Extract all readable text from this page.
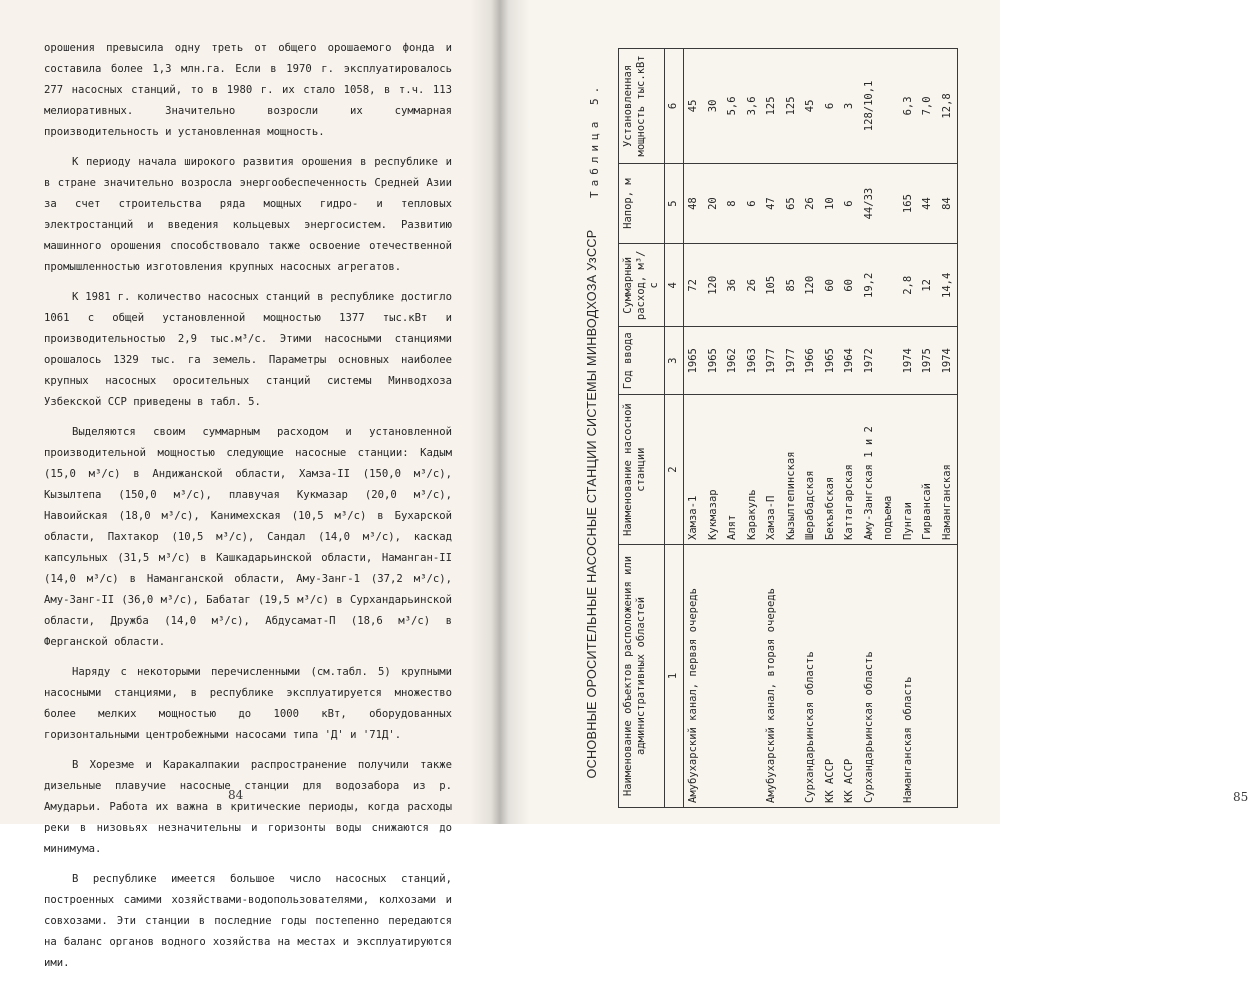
орошения превысила одну треть от общего орошаемого фонда и составила более 1,3 млн.га. Если в 1970 г. эксплуатировалось 277 насосных станций, то в 1980 г. их стало 1058, в т.ч. 113 мелиоративных. Значительно возросли их суммарная производительность и установленная мощность.

К периоду начала широкого развития орошения в республике и в стране значительно возросла энергообеспеченность Средней Азии за счет строительства ряда мощных гидро- и тепловых электростанций и введения кольцевых энергосистем. Развитию машинного орошения способствовало также освоение отечественной промышленностью изготовления крупных насосных агрегатов.

К 1981 г. количество насосных станций в республике достигло 1061 с общей установленной мощностью 1377 тыс.кВт и производительностью 2,9 тыс.м³/с. Этими насосными станциями орошалось 1329 тыс. га земель. Параметры основных наиболее крупных насосных оросительных станций системы Минводхоза Узбекской ССР приведены в табл. 5.

Выделяются своим суммарным расходом и установленной производительной мощностью следующие насосные станции: Кадым (15,0 м³/с) в Андижанской области, Хамза-II (150,0 м³/с), Кызылтепа (150,0 м³/с), плавучая Кукмазар (20,0 м³/с), Навоийская (18,0 м³/с), Канимехская (10,5 м³/с) в Бухарской области, Пахтакор (10,5 м³/с), Сандал (14,0 м³/с), каскад капсульных (31,5 м³/с) в Кашкадарьинской области, Наманган-II (14,0 м³/с) в Наманганской области, Аму-Занг-1 (37,2 м³/с), Аму-Занг-II (36,0 м³/с), Бабатаг (19,5 м³/с) в Сурхандарьинской области, Дружба (14,0 м³/с), Абдусамат-П (18,6 м³/с) в Ферганской области.

Наряду с некоторыми перечисленными (см.табл. 5) крупными насосными станциями, в республике эксплуатируется множество более мелких мощностью до 1000 кВт, оборудованных горизонтальными центробежными насосами типа 'Д' и '71Д'.

В Хорезме и Каракалпакии распространение получили также дизельные плавучие насосные станции для водозабора из р. Амударьи. Работа их важна в критические периоды, когда расходы реки в низовьях незначительны и горизонты воды снижаются до минимума.

В республике имеется большое число насосных станций, построенных самими хозяйствами-водопользователями, колхозами и совхозами. Эти станции в последние годы постепенно передаются на баланс органов водного хозяйства на местах и эксплуатируются ими.

84	85
Таблица 5.
ОСНОВНЫЕ ОРОСИТЕЛЬНЫЕ НАСОСНЫЕ СТАНЦИИ СИСТЕМЫ МИНВОДХОЗА УзССР Наименование объектов расположения или административных областей	Наименование насосной станции	Год ввода	Суммарный расход, м³/с	Напор, м	Установленная мощность тыс.кВт
1	2	3	4	5	6
Амубухарский канал, первая очередь	Хамза-1	1965	72	48	45
	Кукмазар	1965	120	20	30
	Алят	1962	36	8	5,6
	Каракуль	1963	26	6	3,6
Амубухарский канал, вторая очередь	Хамза-П	1977	105	47	125
	Кызылтепинская	1977	85	65	125
Сурхандарьинская область	Шерабадская	1966	120	26	45
КК АССР	Бекъябская	1965	60	10	6
КК АССР	Каттагарская	1964	60	6	3
Сурхандарьинская область	Аму-Зангская 1 и 2 подъема	1972	19,2	44/33	128/10,1
Наманганская область	Пунгаи	1974	2,8	165	6,3
	Гирвансай	1975	12	44	7,0
	Наманганская	1974	14,4	84	12,8
